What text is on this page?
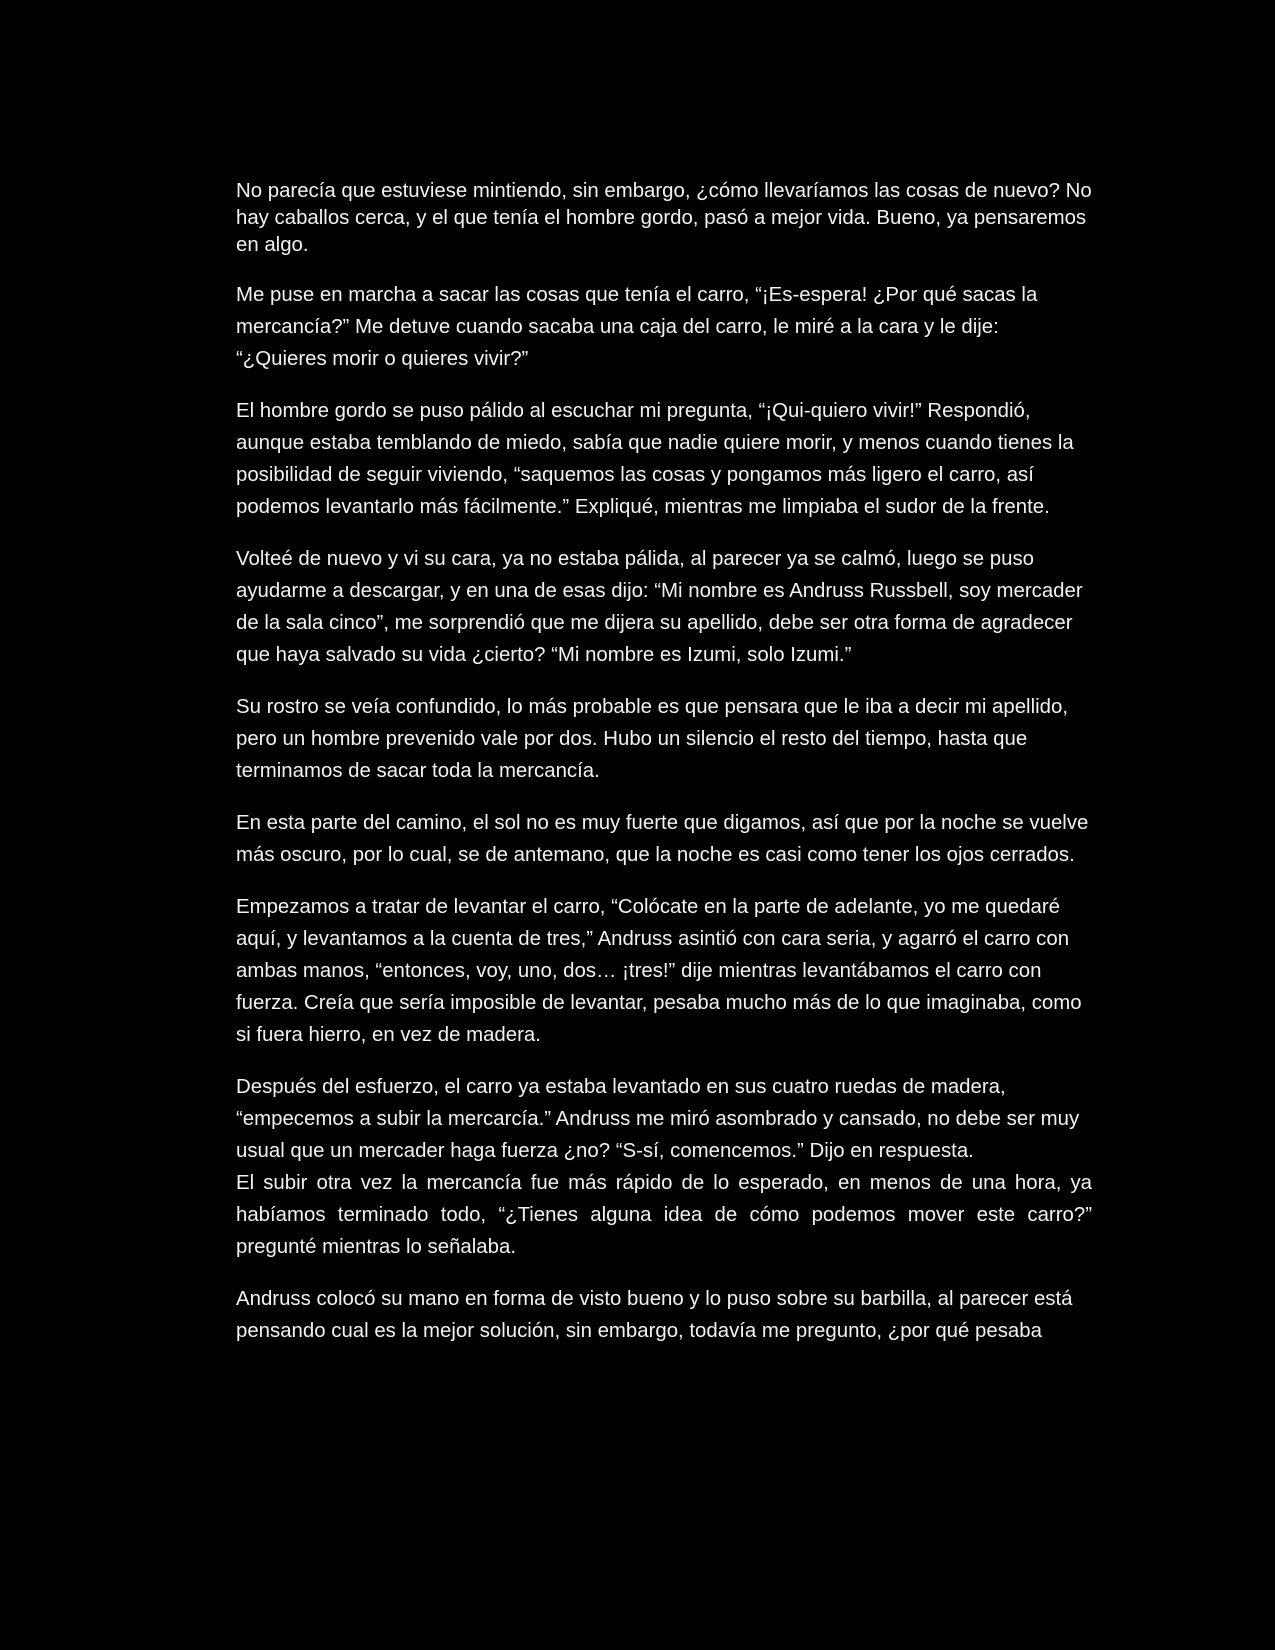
No parecía que estuviese mintiendo, sin embargo, ¿cómo llevaríamos las cosas de nuevo? No hay caballos cerca, y el que tenía el hombre gordo, pasó a mejor vida. Bueno, ya pensaremos en algo.

Me puse en marcha a sacar las cosas que tenía el carro, “¡Es-espera! ¿Por qué sacas la mercancía?” Me detuve cuando sacaba una caja del carro, le miré a la cara y le dije: “¿Quieres morir o quieres vivir?”

El hombre gordo se puso pálido al escuchar mi pregunta, “¡Qui-quiero vivir!” Respondió, aunque estaba temblando de miedo, sabía que nadie quiere morir, y menos cuando tienes la posibilidad de seguir viviendo, “saquemos las cosas y pongamos más ligero el carro, así podemos levantarlo más fácilmente.” Expliqué, mientras me limpiaba el sudor de la frente.

Volteé de nuevo y vi su cara, ya no estaba pálida, al parecer ya se calmó, luego se puso ayudarme a descargar, y en una de esas dijo: “Mi nombre es Andruss Russbell, soy mercader de la sala cinco”, me sorprendió que me dijera su apellido, debe ser otra forma de agradecer que haya salvado su vida ¿cierto? “Mi nombre es Izumi, solo Izumi.”

Su rostro se veía confundido, lo más probable es que pensara que le iba a decir mi apellido, pero un hombre prevenido vale por dos. Hubo un silencio el resto del tiempo, hasta que terminamos de sacar toda la mercancía.

En esta parte del camino, el sol no es muy fuerte que digamos, así que por la noche se vuelve más oscuro, por lo cual, se de antemano, que la noche es casi como tener los ojos cerrados.

Empezamos a tratar de levantar el carro, “Colócate en la parte de adelante, yo me quedaré aquí, y levantamos a la cuenta de tres,” Andruss asintió con cara seria, y agarró el carro con ambas manos, “entonces, voy, uno, dos… ¡tres!” dije mientras levantábamos el carro con fuerza. Creía que sería imposible de levantar, pesaba mucho más de lo que imaginaba, como si fuera hierro, en vez de madera.

Después del esfuerzo, el carro ya estaba levantado en sus cuatro ruedas de madera, “empecemos a subir la mercarcía.” Andruss me miró asombrado y cansado, no debe ser muy usual que un mercader haga fuerza ¿no? “S-sí, comencemos.” Dijo en respuesta.

El subir otra vez la mercancía fue más rápido de lo esperado, en menos de una hora, ya habíamos terminado todo, “¿Tienes alguna idea de cómo podemos mover este carro?” pregunté mientras lo señalaba.

Andruss colocó su mano en forma de visto bueno y lo puso sobre su barbilla, al parecer está pensando cual es la mejor solución, sin embargo, todavía me pregunto, ¿por qué pesaba
